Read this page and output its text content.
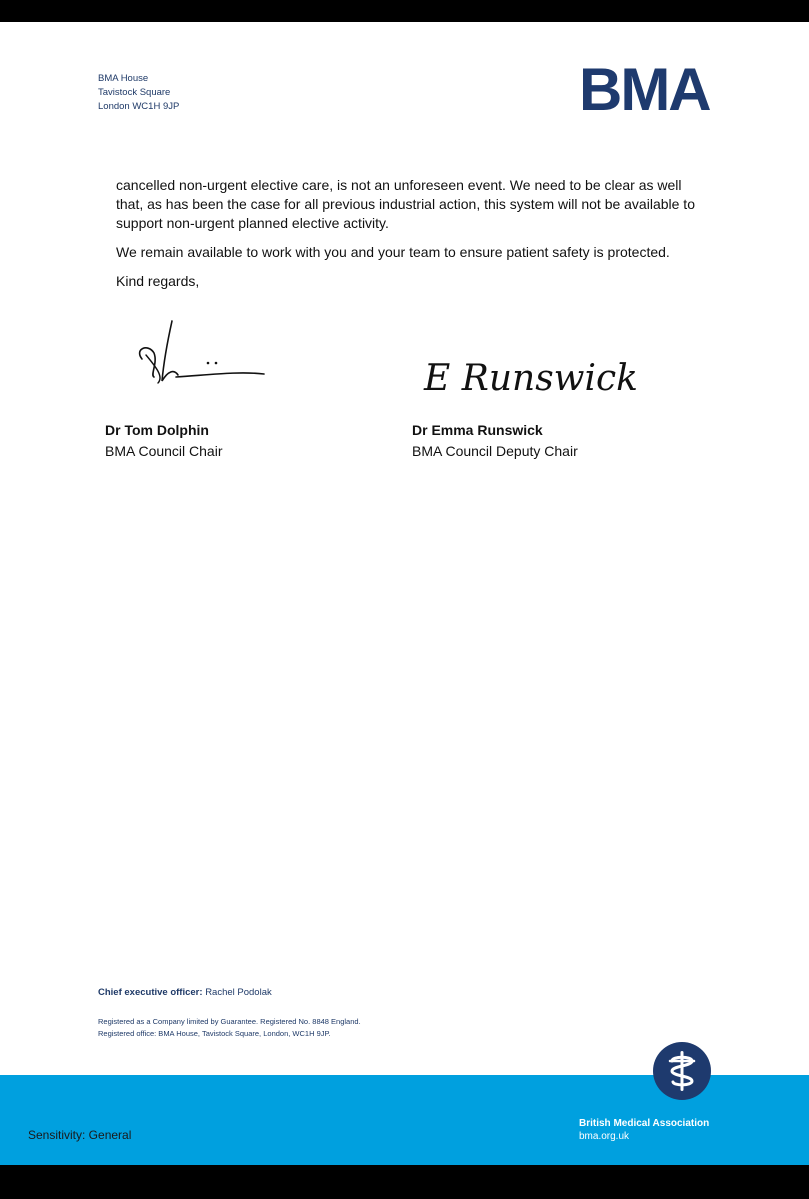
BMA House
Tavistock Square
London WC1H 9JP	BMA

cancelled non-urgent elective care, is not an unforeseen event. We need to be clear as well that, as has been the case for all previous industrial action, this system will not be available to support non-urgent planned elective activity.

We remain available to work with you and your team to ensure patient safety is protected.

Kind regards,

E Runswick
Dr Tom Dolphin
BMA Council Chair
Dr Emma Runswick
BMA Council Deputy Chair
Chief executive officer: Rachel Podolak
Registered as a Company limited by Guarantee. Registered No. 8848 England.
Registered office: BMA House, Tavistock Square, London, WC1H 9JP.
British Medical Association
bma.org.uk
Sensitivity: General
